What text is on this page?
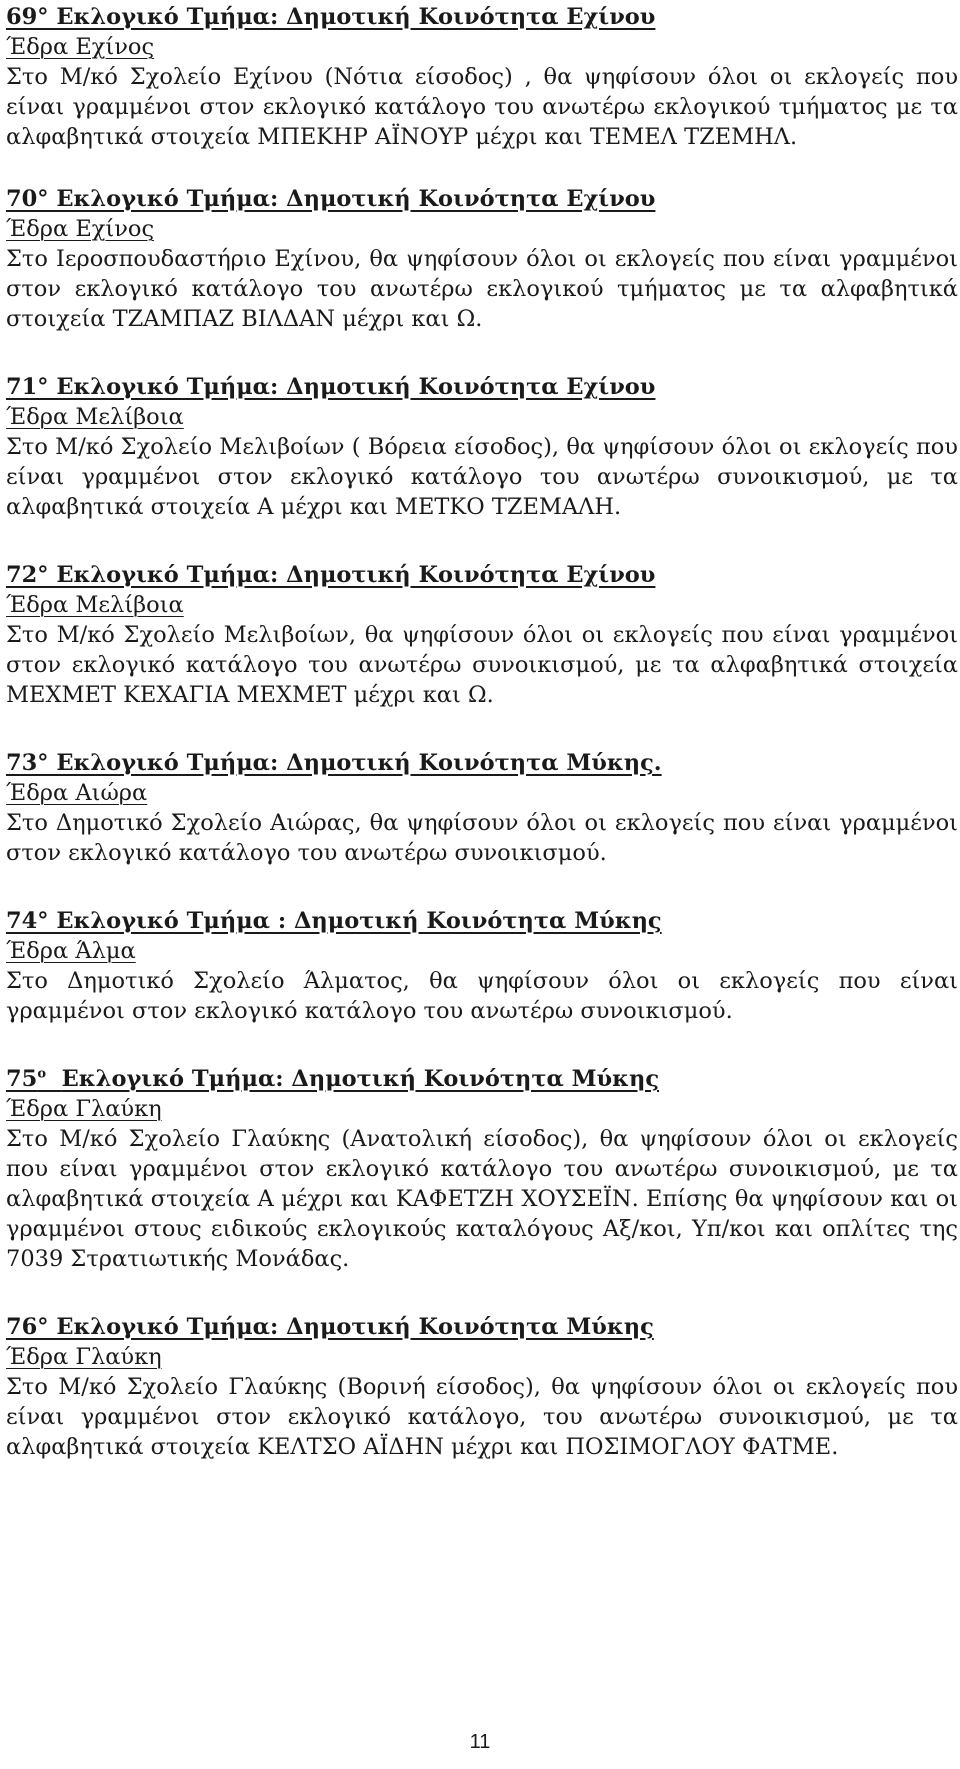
69° Εκλογικό Τμήμα: Δημοτική Κοινότητα Εχίνου
Έδρα Εχίνος
Στο Μ/κό Σχολείο Εχίνου (Νότια είσοδος) , θα ψηφίσουν όλοι οι εκλογείς που είναι γραμμένοι στον εκλογικό κατάλογο του ανωτέρω εκλογικού τμήματος με τα αλφαβητικά στοιχεία ΜΠΕΚΗΡ ΑΪΝΟΥΡ μέχρι και ΤΕΜΕΛ ΤΖΕΜΗΛ.
70° Εκλογικό Τμήμα: Δημοτική Κοινότητα Εχίνου
Έδρα Εχίνος
Στο Ιεροσπουδαστήριο Εχίνου, θα ψηφίσουν όλοι οι εκλογείς που είναι γραμμένοι στον εκλογικό κατάλογο του ανωτέρω εκλογικού τμήματος με τα αλφαβητικά στοιχεία ΤΖΑΜΠΑΖ ΒΙΛΔΑΝ μέχρι και Ω.
71° Εκλογικό Τμήμα: Δημοτική Κοινότητα Εχίνου
Έδρα Μελίβοια
Στο Μ/κό Σχολείο Μελιβοίων ( Βόρεια είσοδος), θα ψηφίσουν όλοι οι εκλογείς που είναι γραμμένοι στον εκλογικό κατάλογο του ανωτέρω συνοικισμού, με τα αλφαβητικά στοιχεία Α μέχρι και ΜΕΤΚΟ ΤΖΕΜΑΛΗ.
72° Εκλογικό Τμήμα: Δημοτική Κοινότητα Εχίνου
Έδρα Μελίβοια
Στο Μ/κό Σχολείο Μελιβοίων, θα ψηφίσουν όλοι οι εκλογείς που είναι γραμμένοι στον εκλογικό κατάλογο του ανωτέρω συνοικισμού, με τα αλφαβητικά στοιχεία ΜΕΧΜΕΤ ΚΕΧΑΓΙΑ ΜΕΧΜΕΤ μέχρι και Ω.
73° Εκλογικό Τμήμα: Δημοτική Κοινότητα Μύκης.
Έδρα Αιώρα
Στο Δημοτικό Σχολείο Αιώρας, θα ψηφίσουν όλοι οι εκλογείς που είναι γραμμένοι στον εκλογικό κατάλογο του ανωτέρω συνοικισμού.
74° Εκλογικό Τμήμα : Δημοτική Κοινότητα Μύκης
Έδρα Άλμα
Στο Δημοτικό Σχολείο Άλματος, θα ψηφίσουν όλοι οι εκλογείς που είναι γραμμένοι στον εκλογικό κατάλογο του ανωτέρω συνοικισμού.
$75^o$ Εκλογικό Τμήμα: Δημοτική Κοινότητα Μύκης
Έδρα Γλαύκη
Στο Μ/κό Σχολείο Γλαύκης (Ανατολική είσοδος), θα ψηφίσουν όλοι οι εκλογείς που είναι γραμμένοι στον εκλογικό κατάλογο του ανωτέρω συνοικισμού, με τα αλφαβητικά στοιχεία Α μέχρι και ΚΑΦΕΤΖΗ ΧΟΥΣΕΪΝ. Επίσης θα ψηφίσουν και οι γραμμένοι στους ειδικούς εκλογικούς καταλόγους Αξ/κοι, Υπ/κοι και οπλίτες της 7039 Στρατιωτικής Μονάδας.
76° Εκλογικό Τμήμα: Δημοτική Κοινότητα Μύκης
Έδρα Γλαύκη
Στο Μ/κό Σχολείο Γλαύκης (Βορινή είσοδος), θα ψηφίσουν όλοι οι εκλογείς που είναι γραμμένοι στον εκλογικό κατάλογο, του ανωτέρω συνοικισμού, με τα αλφαβητικά στοιχεία ΚΕΛΤΣΟ ΑΪΔΗΝ μέχρι και ΠΟΣΙΜΟΓΛΟΥ ΦΑΤΜΕ.
11
